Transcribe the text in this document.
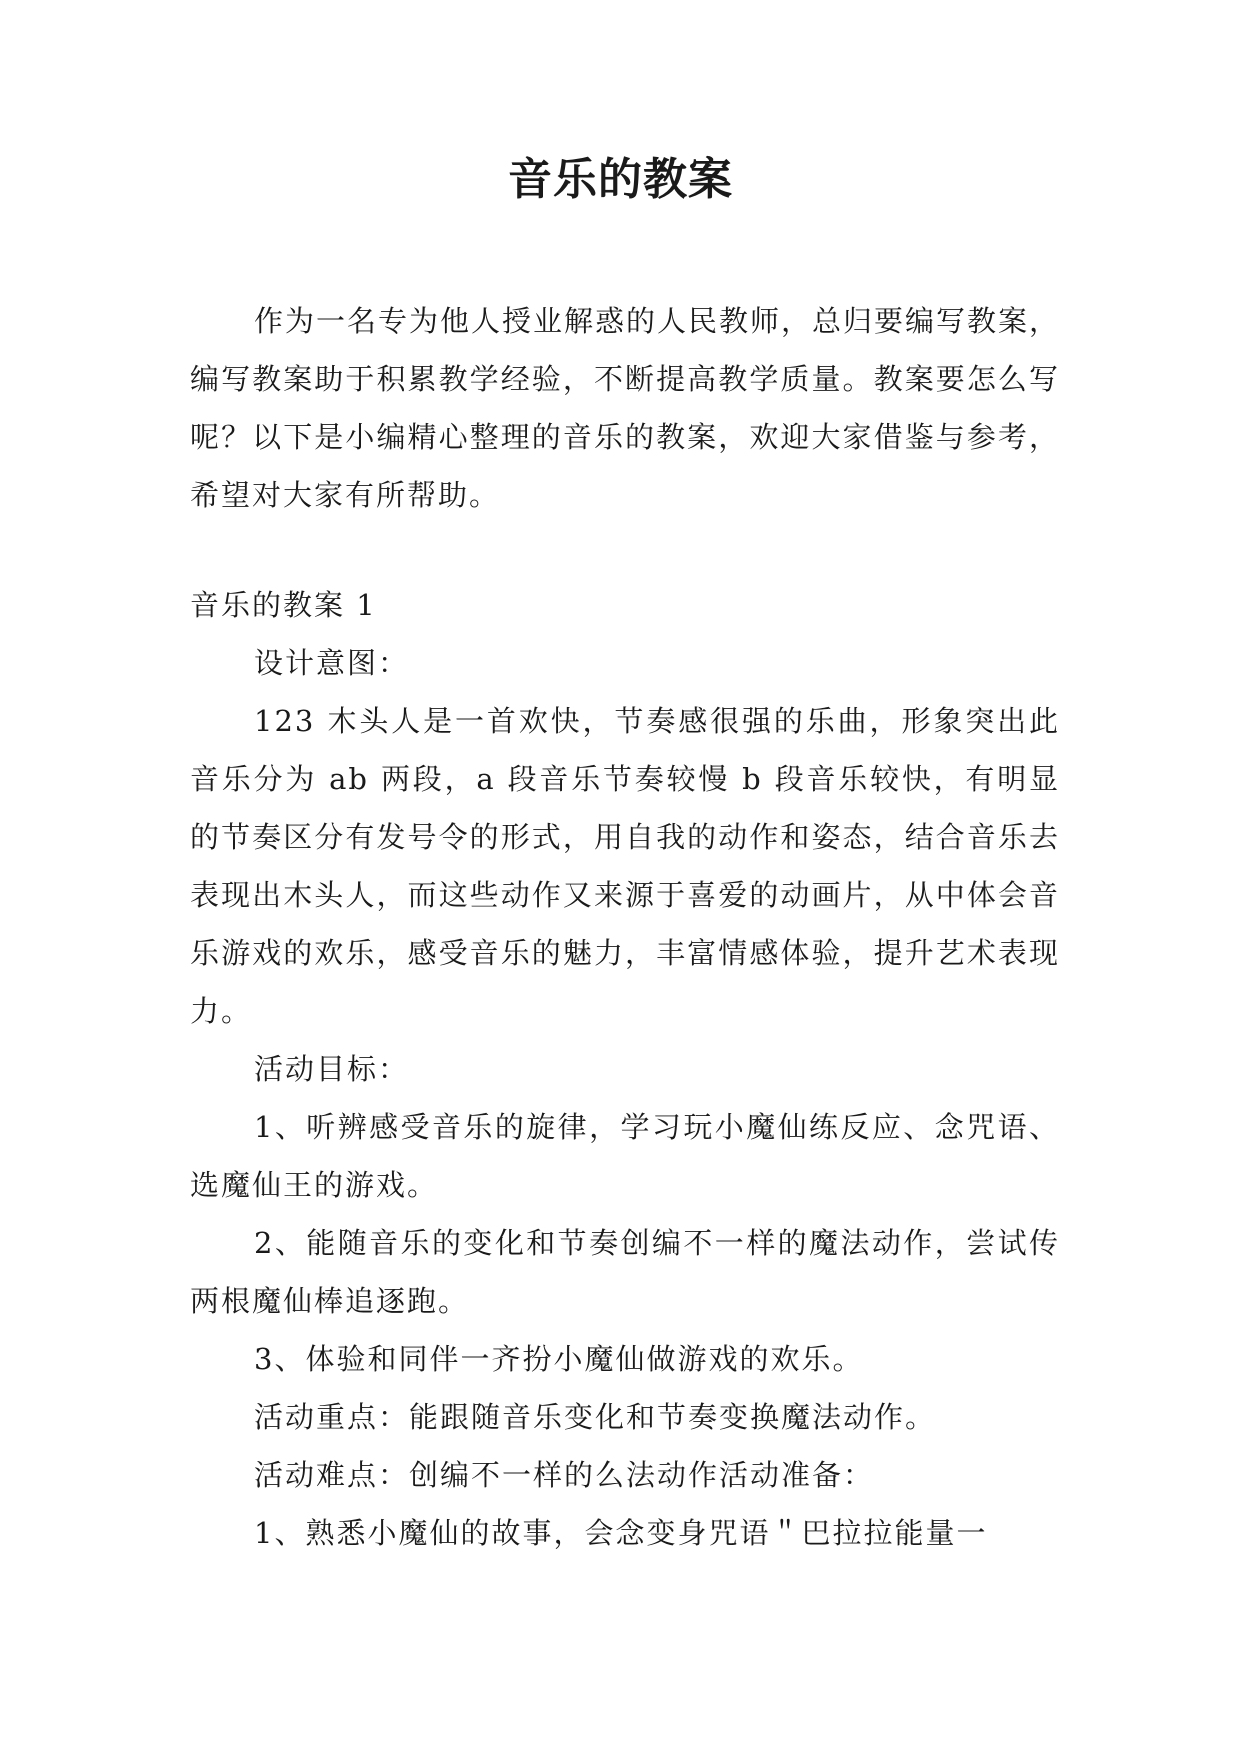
音乐的教案

作为一名专为他人授业解惑的人民教师，总归要编写教案，编写教案助于积累教学经验，不断提高教学质量。教案要怎么写呢？以下是小编精心整理的音乐的教案，欢迎大家借鉴与参考，希望对大家有所帮助。

音乐的教案 1

设计意图：

123 木头人是一首欢快，节奏感很强的乐曲，形象突出此音乐分为 ab 两段，a 段音乐节奏较慢 b 段音乐较快，有明显的节奏区分有发号令的形式，用自我的动作和姿态，结合音乐去表现出木头人，而这些动作又来源于喜爱的动画片，从中体会音乐游戏的欢乐，感受音乐的魅力，丰富情感体验，提升艺术表现力。

活动目标：

1、听辨感受音乐的旋律，学习玩小魔仙练反应、念咒语、选魔仙王的游戏。

2、能随音乐的变化和节奏创编不一样的魔法动作，尝试传两根魔仙棒追逐跑。

3、体验和同伴一齐扮小魔仙做游戏的欢乐。

活动重点：能跟随音乐变化和节奏变换魔法动作。

活动难点：创编不一样的么法动作活动准备：

1、熟悉小魔仙的故事，会念变身咒语＂巴拉拉能量一
